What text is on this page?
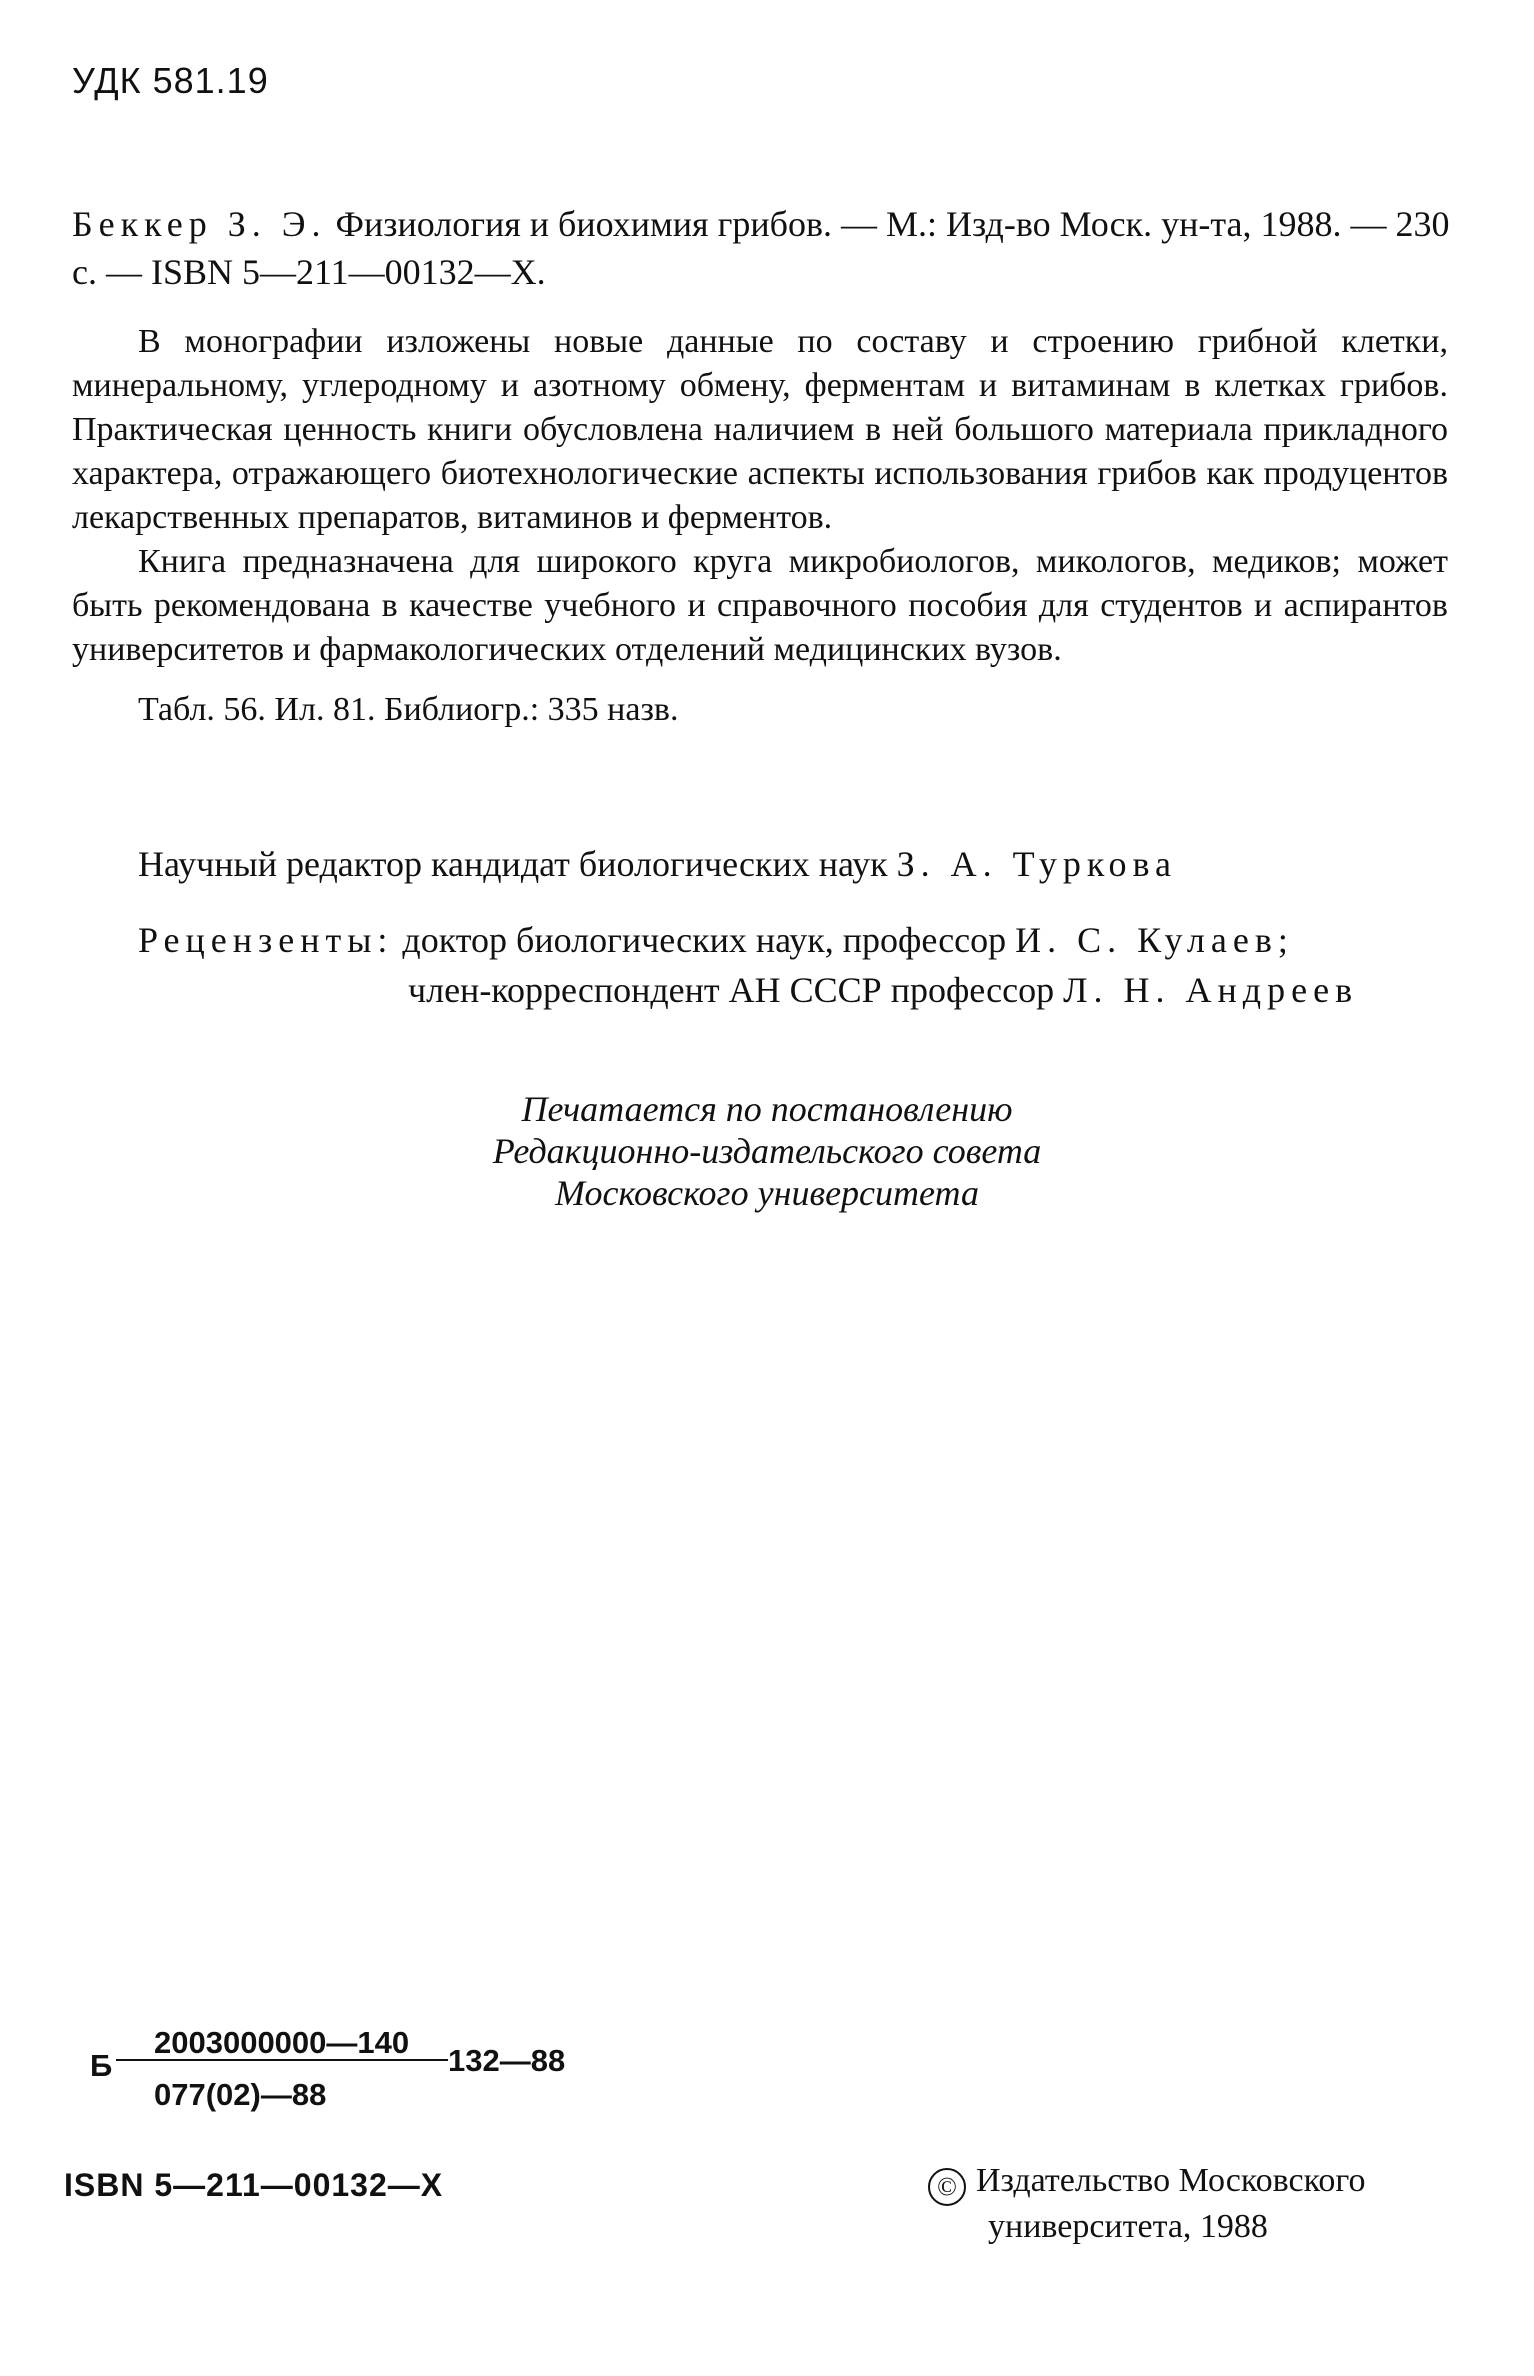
УДК 581.19
Беккер З. Э. Физиология и биохимия грибов. — М.: Изд-во Моск. ун-та, 1988. — 230 с. — ISBN 5—211—00132—X.

В монографии изложены новые данные по составу и строению грибной клетки, минеральному, углеродному и азотному обмену, ферментам и витаминам в клетках грибов. Практическая ценность книги обусловлена наличием в ней большого материала прикладного характера, отражающего биотехнологические аспекты использования грибов как продуцентов лекарственных препаратов, витаминов и ферментов.

Книга предназначена для широкого круга микробиологов, микологов, медиков; может быть рекомендована в качестве учебного и справочного пособия для студентов и аспирантов университетов и фармакологических отделений медицинских вузов.

Табл. 56. Ил. 81. Библиогр.: 335 назв.

Научный редактор кандидат биологических наук З. А. Туркова
Рецензенты: доктор биологических наук, профессор И. С. Кулаев;
член-корреспондент АН СССР профессор Л. Н. Андреев
Печатается по постановлению
Редакционно-издательского совета
Московского университета
Б
2003000000—140
132—88
077(02)—88
ISBN 5—211—00132—X	© Издательство Московского
университета, 1988
